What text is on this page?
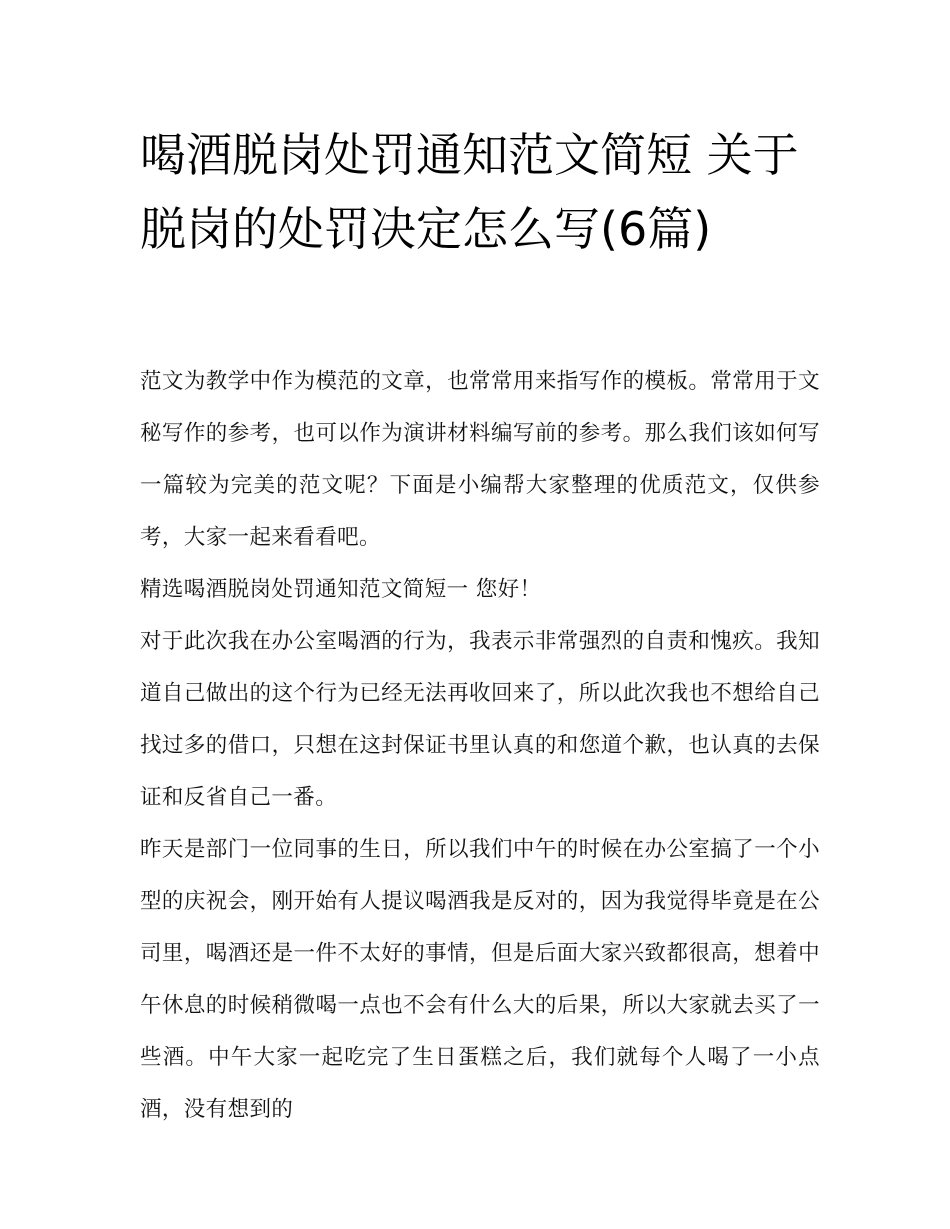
喝酒脱岗处罚通知范文简短 关于脱岗的处罚决定怎么写(6篇)

范文为教学中作为模范的文章，也常常用来指写作的模板。常常用于文秘写作的参考，也可以作为演讲材料编写前的参考。那么我们该如何写一篇较为完美的范文呢？下面是小编帮大家整理的优质范文，仅供参考，大家一起来看看吧。

精选喝酒脱岗处罚通知范文简短一 您好！

对于此次我在办公室喝酒的行为，我表示非常强烈的自责和愧疚。我知道自己做出的这个行为已经无法再收回来了，所以此次我也不想给自己找过多的借口，只想在这封保证书里认真的和您道个歉，也认真的去保证和反省自己一番。

昨天是部门一位同事的生日，所以我们中午的时候在办公室搞了一个小型的庆祝会，刚开始有人提议喝酒我是反对的，因为我觉得毕竟是在公司里，喝酒还是一件不太好的事情，但是后面大家兴致都很高，想着中午休息的时候稍微喝一点也不会有什么大的后果，所以大家就去买了一些酒。中午大家一起吃完了生日蛋糕之后，我们就每个人喝了一小点酒，没有想到的
